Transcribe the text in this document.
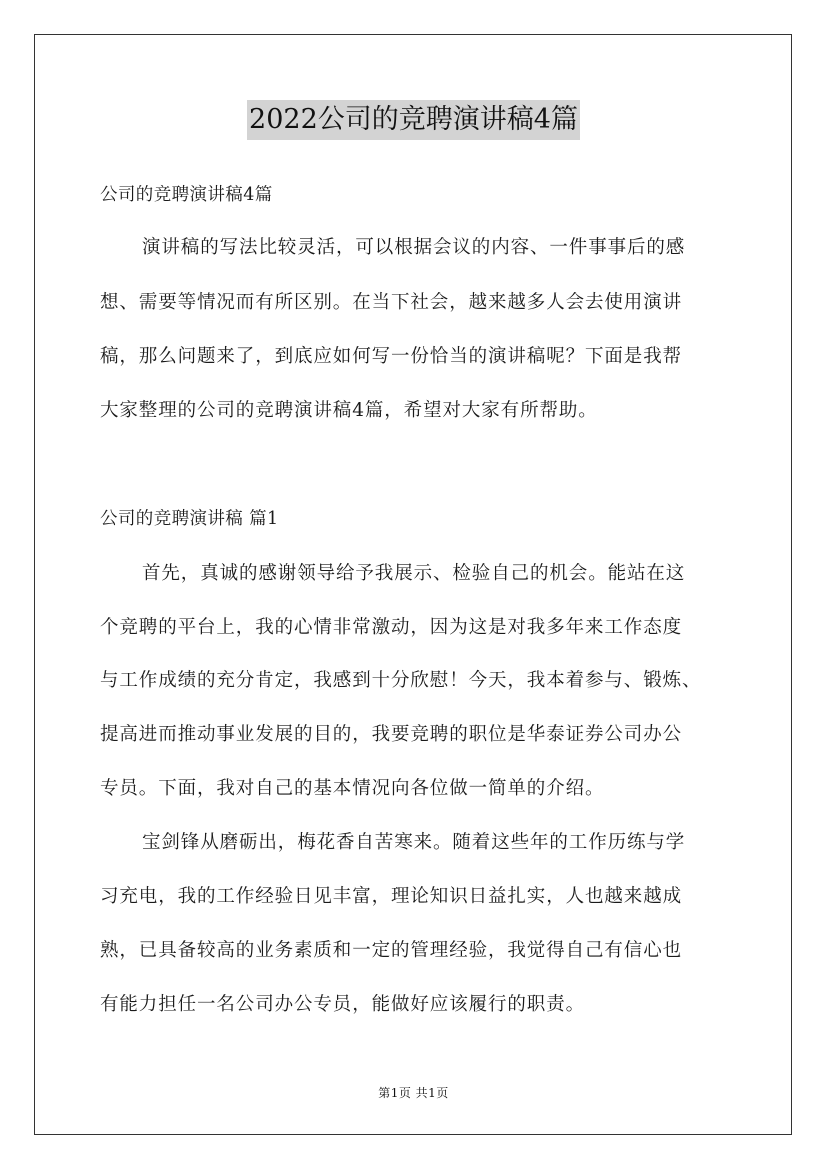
2022公司的竞聘演讲稿4篇
公司的竞聘演讲稿4篇
演讲稿的写法比较灵活，可以根据会议的内容、一件事事后的感
想、需要等情况而有所区别。在当下社会，越来越多人会去使用演讲
稿，那么问题来了，到底应如何写一份恰当的演讲稿呢？下面是我帮
大家整理的公司的竞聘演讲稿4篇，希望对大家有所帮助。
公司的竞聘演讲稿 篇1
首先，真诚的感谢领导给予我展示、检验自己的机会。能站在这
个竞聘的平台上，我的心情非常激动，因为这是对我多年来工作态度
与工作成绩的充分肯定，我感到十分欣慰！今天，我本着参与、锻炼、
提高进而推动事业发展的目的，我要竞聘的职位是华泰证券公司办公
专员。下面，我对自己的基本情况向各位做一简单的介绍。
宝剑锋从磨砺出，梅花香自苦寒来。随着这些年的工作历练与学
习充电，我的工作经验日见丰富，理论知识日益扎实，人也越来越成
熟，已具备较高的业务素质和一定的管理经验，我觉得自己有信心也
有能力担任一名公司办公专员，能做好应该履行的职责。
第1页 共1页
